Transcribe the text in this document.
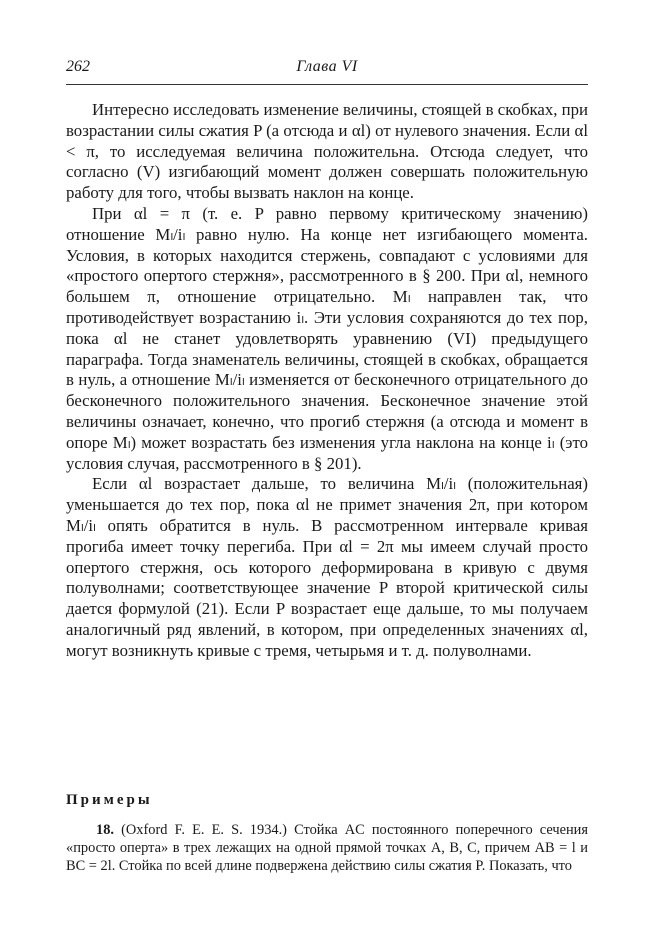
262	Глава VI

Интересно исследовать изменение величины, стоящей в скобках, при возрастании силы сжатия P (а отсюда и αl) от нулевого значения. Если αl < π, то исследуемая величина положительна. Отсюда следует, что согласно (V) изгибающий момент должен совершать положительную работу для того, чтобы вызвать наклон на конце.

При αl = π (т. е. P равно первому критическому значению) отношение Mₗ/iₗ равно нулю. На конце нет изгибающего момента. Условия, в которых находится стержень, совпадают с условиями для «простого опертого стержня», рассмотренного в § 200. При αl, немного большем π, отношение отрицательно. Mₗ направлен так, что противодействует возрастанию iₗ. Эти условия сохраняются до тех пор, пока αl не станет удовлетворять уравнению (VI) предыдущего параграфа. Тогда знаменатель величины, стоящей в скобках, обращается в нуль, а отношение Mₗ/iₗ изменяется от бесконечного отрицательного до бесконечного положительного значения. Бесконечное значение этой величины означает, конечно, что прогиб стержня (а отсюда и момент в опоре Mₗ) может возрастать без изменения угла наклона на конце iₗ (это условия случая, рассмотренного в § 201).

Если αl возрастает дальше, то величина Mₗ/iₗ (положительная) уменьшается до тех пор, пока αl не примет значения 2π, при котором Mₗ/iₗ опять обратится в нуль. В рассмотренном интервале кривая прогиба имеет точку перегиба. При αl = 2π мы имеем случай просто опертого стержня, ось которого деформирована в кривую с двумя полуволнами; соответствующее значение P второй критической силы дается формулой (21). Если P возрастает еще дальше, то мы получаем аналогичный ряд явлений, в котором, при определенных значениях αl, могут возникнуть кривые с тремя, четырьмя и т. д. полуволнами.

Примеры

18. (Oxford F. E. E. S. 1934.) Стойка AC постоянного поперечного сечения «просто оперта» в трех лежащих на одной прямой точках A, B, C, причем AB = l и BC = 2l. Стойка по всей длине подвержена действию силы сжатия P. Показать, что
